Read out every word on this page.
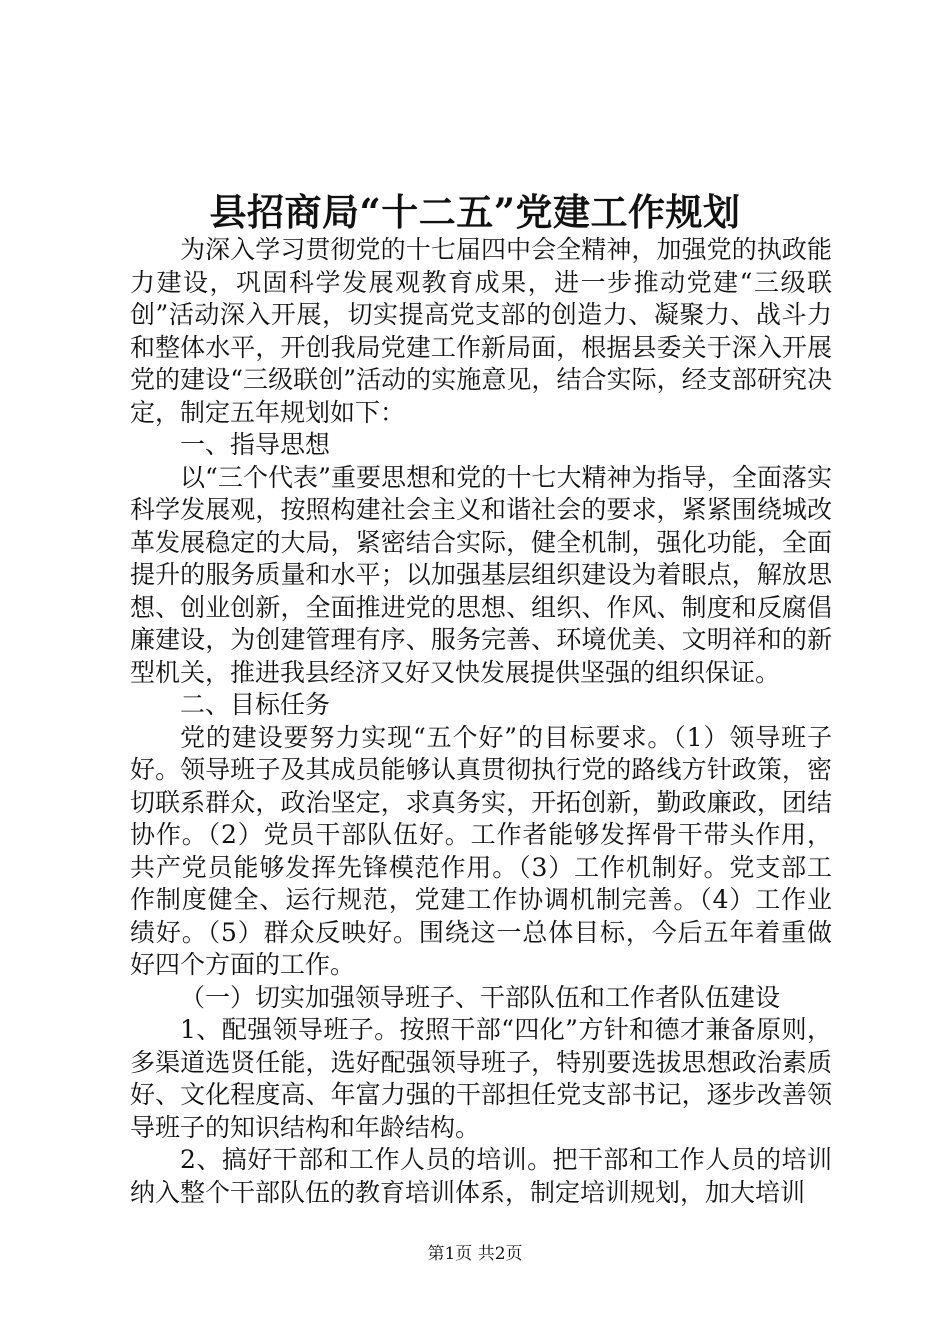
县招商局“十二五”党建工作规划

为深入学习贯彻党的十七届四中会全精神，加强党的执政能力建设，巩固科学发展观教育成果，进一步推动党建“三级联创”活动深入开展，切实提高党支部的创造力、凝聚力、战斗力和整体水平，开创我局党建工作新局面，根据县委关于深入开展党的建设“三级联创”活动的实施意见，结合实际，经支部研究决定，制定五年规划如下：

一、指导思想

以“三个代表”重要思想和党的十七大精神为指导，全面落实科学发展观，按照构建社会主义和谐社会的要求，紧紧围绕城改革发展稳定的大局，紧密结合实际，健全机制，强化功能，全面提升的服务质量和水平；以加强基层组织建设为着眼点，解放思想、创业创新，全面推进党的思想、组织、作风、制度和反腐倡廉建设，为创建管理有序、服务完善、环境优美、文明祥和的新型机关，推进我县经济又好又快发展提供坚强的组织保证。

二、目标任务

党的建设要努力实现“五个好”的目标要求。（1）领导班子好。领导班子及其成员能够认真贯彻执行党的路线方针政策，密切联系群众，政治坚定，求真务实，开拓创新，勤政廉政，团结协作。（2）党员干部队伍好。工作者能够发挥骨干带头作用，共产党员能够发挥先锋模范作用。（3）工作机制好。党支部工作制度健全、运行规范，党建工作协调机制完善。（4）工作业绩好。（5）群众反映好。围绕这一总体目标，今后五年着重做好四个方面的工作。

（一）切实加强领导班子、干部队伍和工作者队伍建设

1、配强领导班子。按照干部“四化”方针和德才兼备原则，多渠道选贤任能，选好配强领导班子，特别要选拔思想政治素质好、文化程度高、年富力强的干部担任党支部书记，逐步改善领导班子的知识结构和年龄结构。

2、搞好干部和工作人员的培训。把干部和工作人员的培训纳入整个干部队伍的教育培训体系，制定培训规划，加大培训

第1页 共2页
